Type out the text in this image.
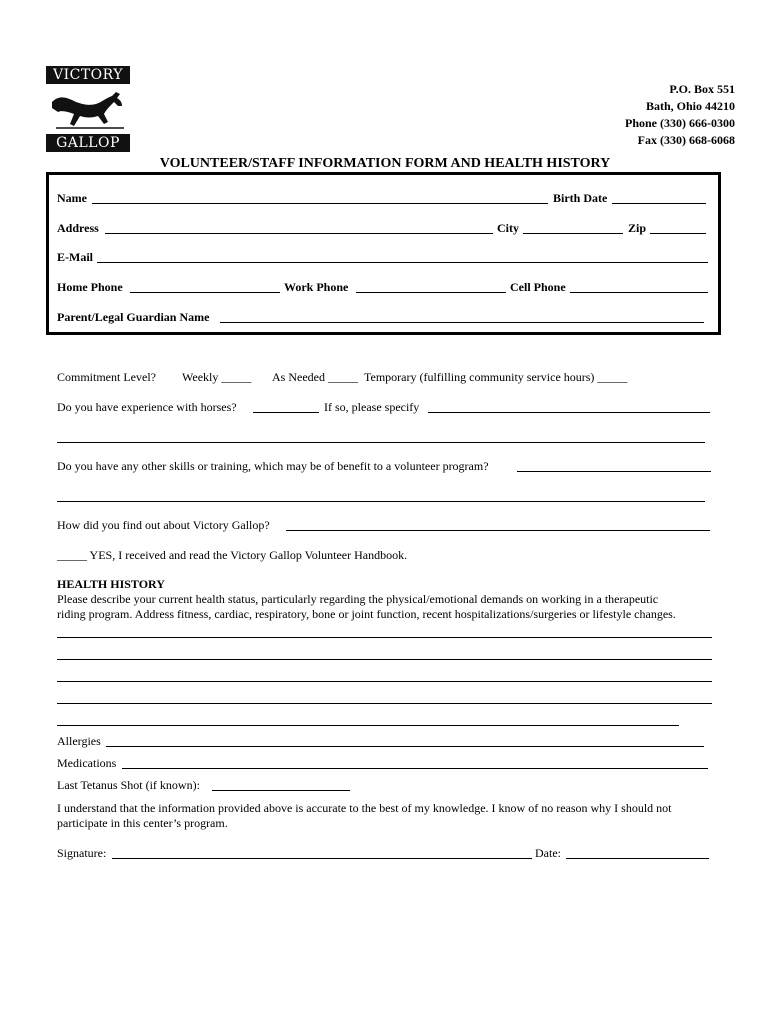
VICTORY
GALLOP
P.O. Box 551
Bath, Ohio 44210
Phone (330) 666-0300
Fax (330) 668-6068
VOLUNTEER/STAFF INFORMATION FORM AND HEALTH HISTORY
Name	Birth Date
Address	City	Zip
E-Mail
Home Phone	Work Phone	Cell Phone
Parent/Legal Guardian Name
Commitment Level? Weekly _____ As Needed _____ Temporary (fulfilling community service hours) _____
Do you have experience with horses?	If so, please specify
Do you have any other skills or training, which may be of benefit to a volunteer program?
How did you find out about Victory Gallop?
_____ YES, I received and read the Victory Gallop Volunteer Handbook.
HEALTH HISTORY
Please describe your current health status, particularly regarding the physical/emotional demands on working in a therapeutic
riding program. Address fitness, cardiac, respiratory, bone or joint function, recent hospitalizations/surgeries or lifestyle changes.
Allergies
Medications
Last Tetanus Shot (if known):
I understand that the information provided above is accurate to the best of my knowledge. I know of no reason why I should not
participate in this center’s program.
Signature:	Date:
